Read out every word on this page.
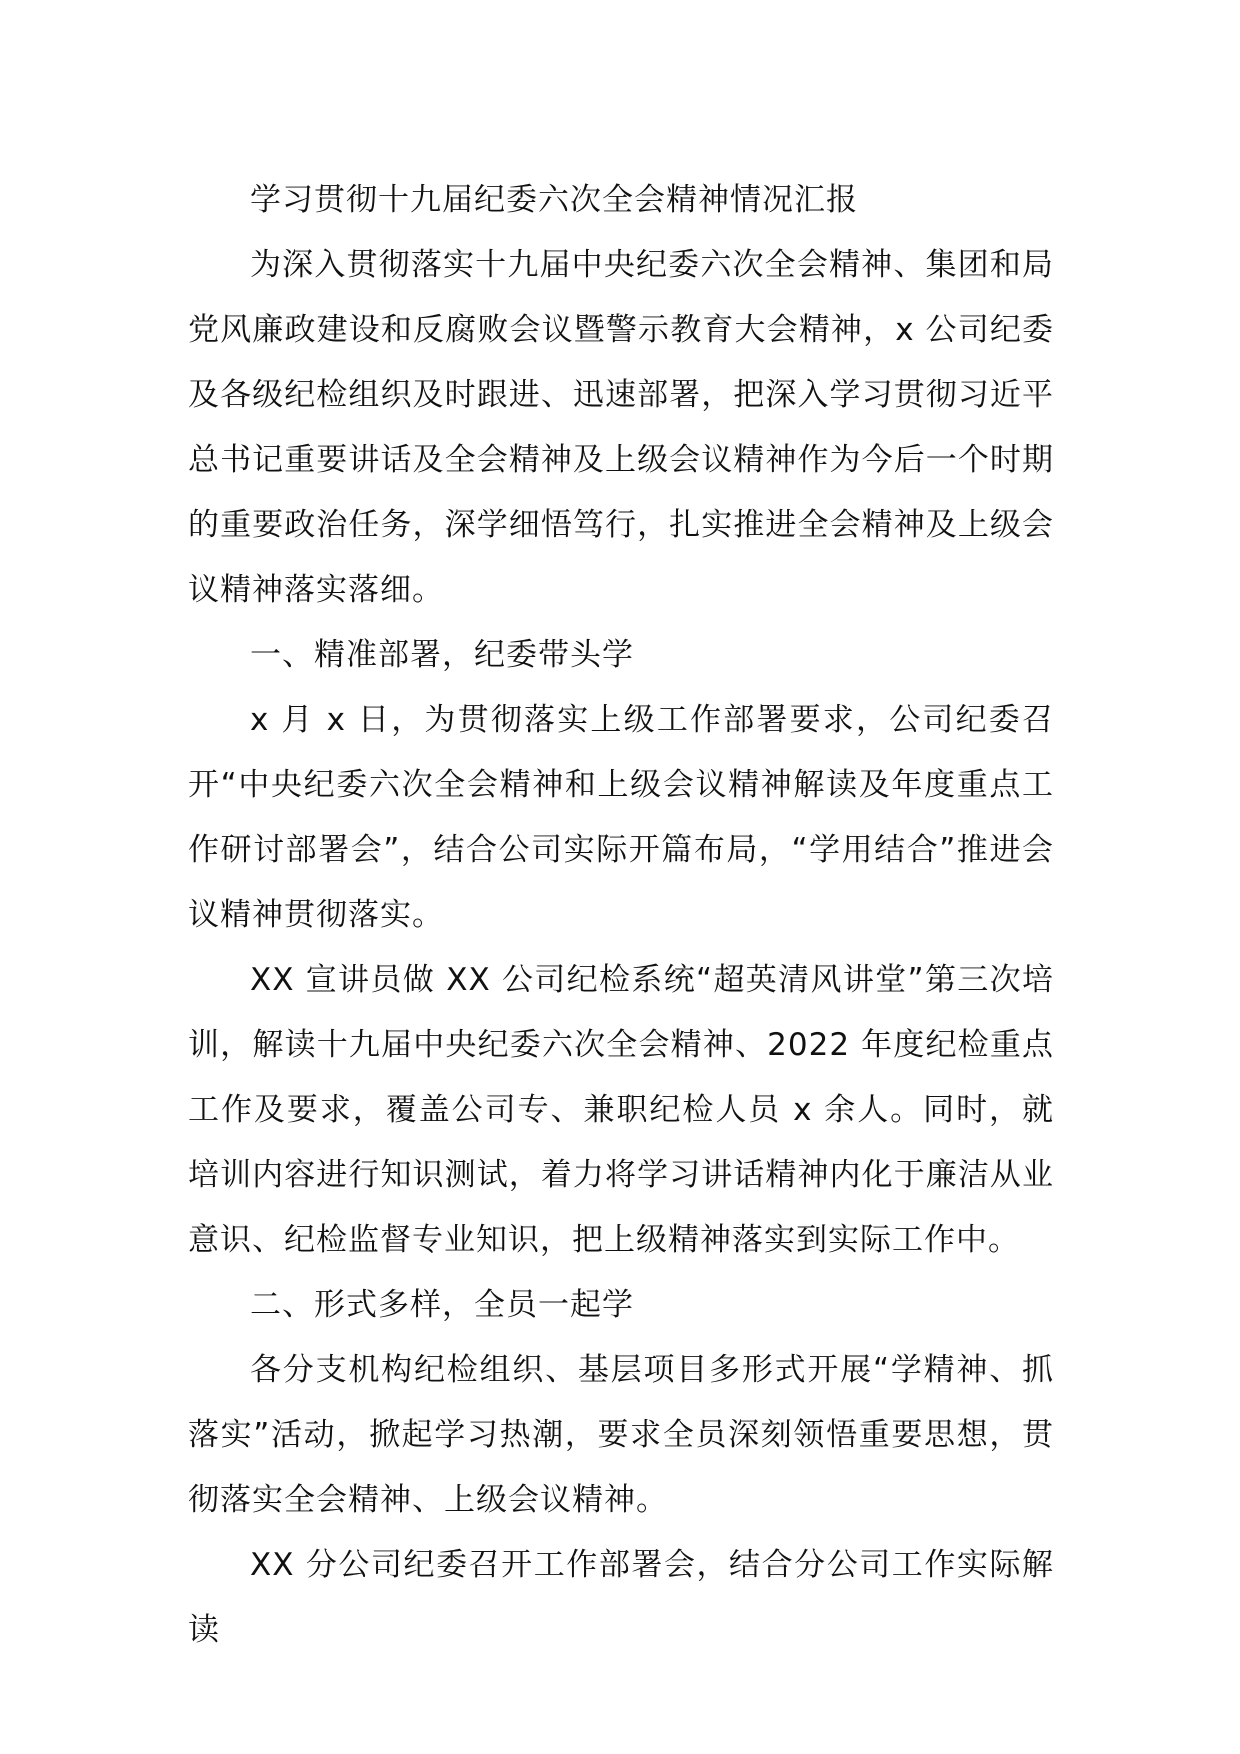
学习贯彻十九届纪委六次全会精神情况汇报

为深入贯彻落实十九届中央纪委六次全会精神、集团和局党风廉政建设和反腐败会议暨警示教育大会精神，x 公司纪委及各级纪检组织及时跟进、迅速部署，把深入学习贯彻习近平总书记重要讲话及全会精神及上级会议精神作为今后一个时期的重要政治任务，深学细悟笃行，扎实推进全会精神及上级会议精神落实落细。

一、精准部署，纪委带头学

x 月 x 日，为贯彻落实上级工作部署要求，公司纪委召开“中央纪委六次全会精神和上级会议精神解读及年度重点工作研讨部署会”，结合公司实际开篇布局，“学用结合”推进会议精神贯彻落实。

XX 宣讲员做 XX 公司纪检系统“超英清风讲堂”第三次培训，解读十九届中央纪委六次全会精神、2022 年度纪检重点工作及要求，覆盖公司专、兼职纪检人员 x 余人。同时，就培训内容进行知识测试，着力将学习讲话精神内化于廉洁从业意识、纪检监督专业知识，把上级精神落实到实际工作中。

二、形式多样，全员一起学

各分支机构纪检组织、基层项目多形式开展“学精神、抓落实”活动，掀起学习热潮，要求全员深刻领悟重要思想，贯彻落实全会精神、上级会议精神。

XX 分公司纪委召开工作部署会，结合分公司工作实际解读
